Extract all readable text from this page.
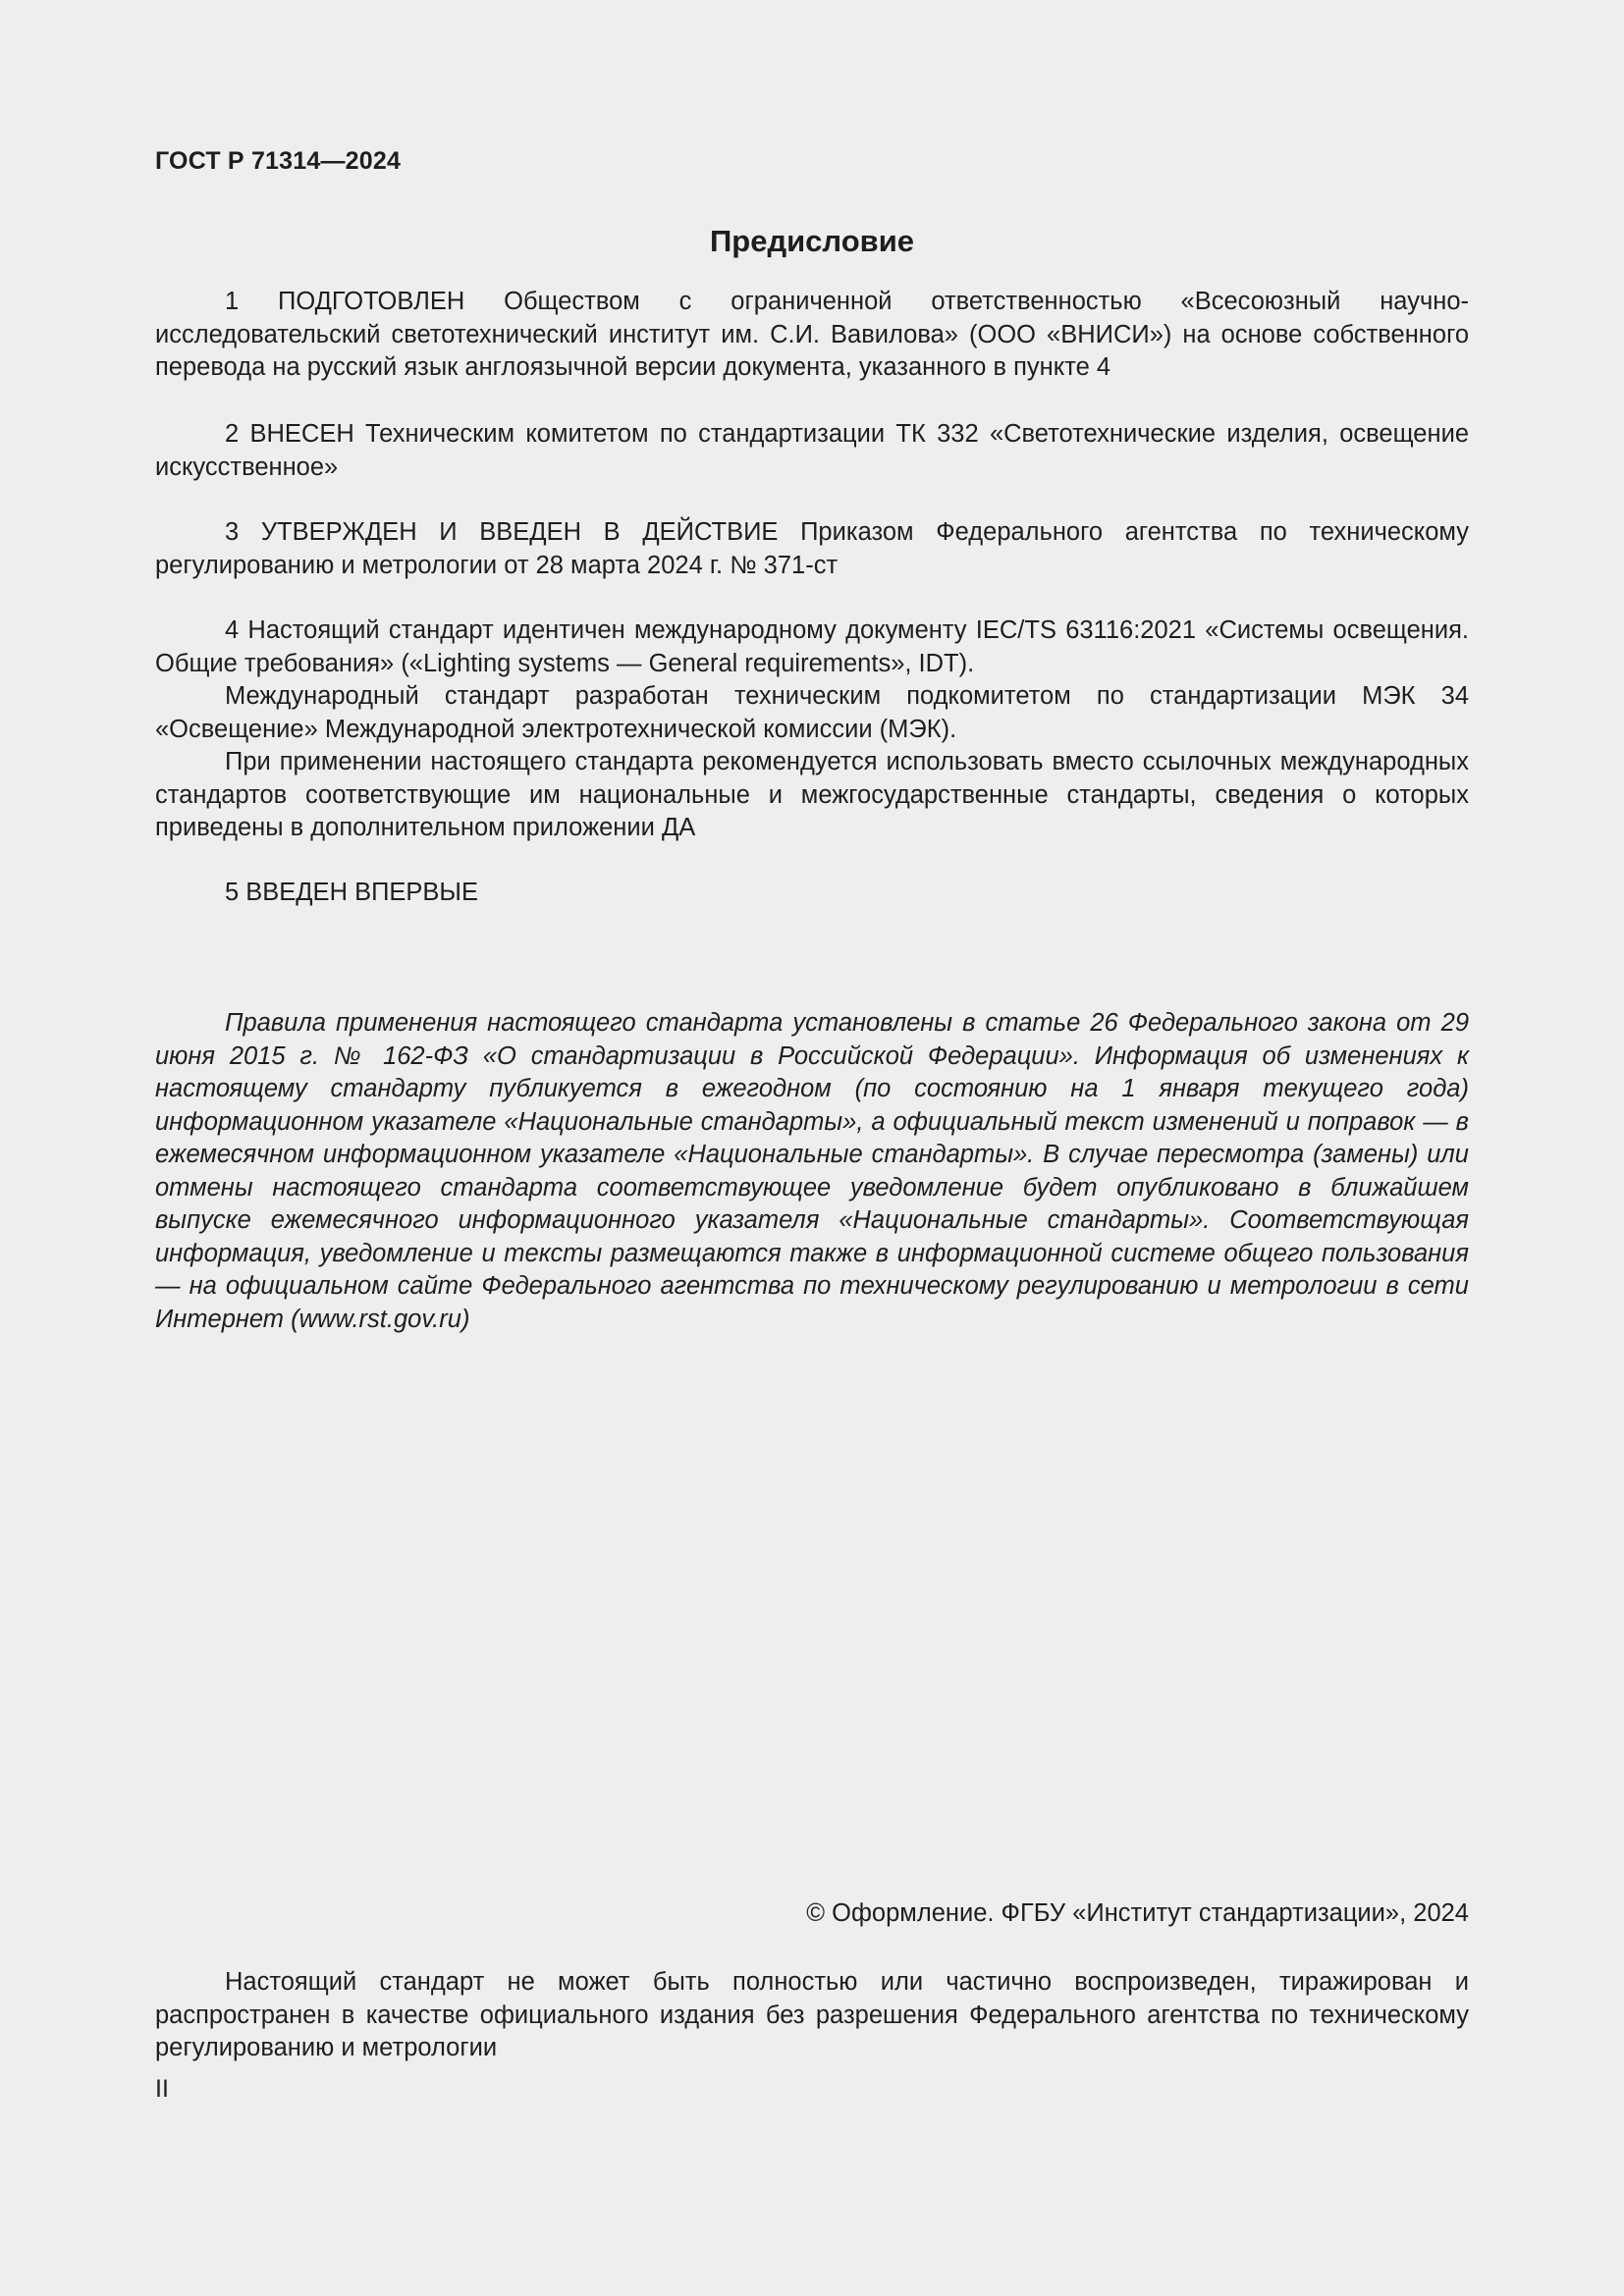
ГОСТ Р 71314—2024
Предисловие

1 ПОДГОТОВЛЕН Обществом с ограниченной ответственностью «Всесоюзный научно-исследовательский светотехнический институт им. С.И. Вавилова» (ООО «ВНИСИ») на основе собственного перевода на русский язык англоязычной версии документа, указанного в пункте 4

2 ВНЕСЕН Техническим комитетом по стандартизации ТК 332 «Светотехнические изделия, освещение искусственное»

3 УТВЕРЖДЕН И ВВЕДЕН В ДЕЙСТВИЕ Приказом Федерального агентства по техническому регулированию и метрологии от 28 марта 2024 г. № 371-ст

4 Настоящий стандарт идентичен международному документу IEC/TS 63116:2021 «Системы освещения. Общие требования» («Lighting systems — General requirements», IDT).

Международный стандарт разработан техническим подкомитетом по стандартизации МЭК 34 «Освещение» Международной электротехнической комиссии (МЭК).

При применении настоящего стандарта рекомендуется использовать вместо ссылочных международных стандартов соответствующие им национальные и межгосударственные стандарты, сведения о которых приведены в дополнительном приложении ДА

5 ВВЕДЕН ВПЕРВЫЕ

Правила применения настоящего стандарта установлены в статье 26 Федерального закона от 29 июня 2015 г. № 162-ФЗ «О стандартизации в Российской Федерации». Информация об изменениях к настоящему стандарту публикуется в ежегодном (по состоянию на 1 января текущего года) информационном указателе «Национальные стандарты», а официальный текст изменений и поправок — в ежемесячном информационном указателе «Национальные стандарты». В случае пересмотра (замены) или отмены настоящего стандарта соответствующее уведомление будет опубликовано в ближайшем выпуске ежемесячного информационного указателя «Национальные стандарты». Соответствующая информация, уведомление и тексты размещаются также в информационной системе общего пользования — на официальном сайте Федерального агентства по техническому регулированию и метрологии в сети Интернет (www.rst.gov.ru)

© Оформление. ФГБУ «Институт стандартизации», 2024

Настоящий стандарт не может быть полностью или частично воспроизведен, тиражирован и распространен в качестве официального издания без разрешения Федерального агентства по техническому регулированию и метрологии

II
